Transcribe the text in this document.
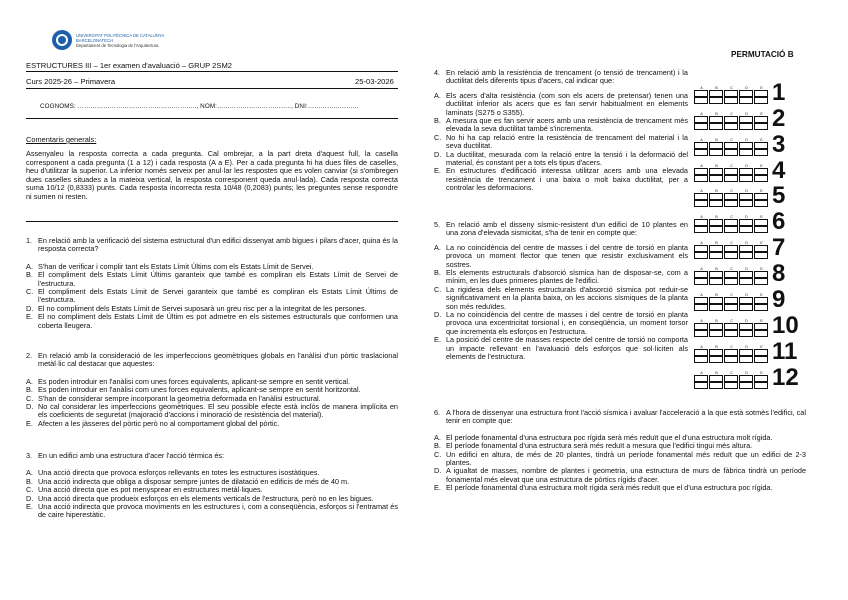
UNIVERSITAT POLITÈCNICA DE CATALUNYA
BARCELONATECH
Departament de Tecnologia de l'Arquitectura
PERMUTACIÓ B
ESTRUCTURES III – 1er examen d'avaluació – GRUP 2SM2
Curs 2025-26 – Primavera	25-03-2026
COGNOMS: ……………………………………………….., NOM:…………………………….., DNI:……………………
Comentaris generals:
Assenyaleu la resposta correcta a cada pregunta. Cal ombrejar, a la part dreta d'aquest full, la casella corresponent a cada pregunta (1 a 12) i cada resposta (A a E). Per a cada pregunta hi ha dues files de caselles, heu d'utilitzar la superior. La inferior només serveix per anul·lar les respostes que es volen canviar (si s'ombregen dues caselles situades a la mateixa vertical, la resposta corresponent queda anul·lada). Cada resposta correcta suma 10/12 (0,8333) punts. Cada resposta incorrecta resta 10/48 (0,2083) punts; les preguntes sense respondre ni sumen ni resten.
1. En relació amb la verificació del sistema estructural d'un edifici dissenyat amb bigues i pilars d'acer, quina és la resposta correcta?
A. S'han de verificar i complir tant els Estats Límit Últims com els Estats Límit de Servei.
B. El compliment dels Estats Límit Últims garanteix que també es compliran els Estats Límit de Servei de l'estructura.
C. El compliment dels Estats Límit de Servei garanteix que també es compliran els Estats Límit Últims de l'estructura.
D. El no compliment dels Estats Límit de Servei suposarà un greu risc per a la integritat de les persones.
E. El no compliment dels Estats Límit de Últim es pot admetre en els sistemes estructurals que conformen una coberta lleugera.
2. En relació amb la consideració de les imperfeccions geomètriques globals en l'anàlisi d'un pòrtic traslacional metàl·lic cal destacar que aquestes:
A. Es poden introduir en l'anàlisi com unes forces equivalents, aplicant-se sempre en sentit vertical.
B. Es poden introduir en l'anàlisi com unes forces equivalents, aplicant-se sempre en sentit horitzontal.
C. S'han de considerar sempre incorporant la geometria deformada en l'anàlisi estructural.
D. No cal considerar les imperfeccions geomètriques. El seu possible efecte està inclòs de manera implícita en els coeficients de seguretat (majoració d'accions i minoració de resistència del material).
E. Afecten a les jàsseres del pòrtic però no al comportament global del pòrtic.
3. En un edifici amb una estructura d'acer l'acció tèrmica és:
A. Una acció directa que provoca esforços rellevants en totes les estructures isostàtiques.
B. Una acció indirecta que obliga a disposar sempre juntes de dilatació en edificis de més de 40 m.
C. Una acció directa que es pot menysprear en estructures metàl·liques.
D. Una acció directa que produeix esforços en els elements verticals de l'estructura, però no en les bigues.
E. Una acció indirecta que provoca moviments en les estructures i, com a conseqüència, esforços si l'entramat és de caire hiperestàtic.
4. En relació amb la resistència de trencament (o tensió de trencament) i la ductilitat dels diferents tipus d'acers, cal indicar que:
A. Els acers d'alta resistència (com son els acers de pretensar) tenen una ductilitat inferior als acers que es fan servir habitualment en elements laminats (S275 o S355).
B. A mesura que es fan servir acers amb una resistència de trencament més elevada la seva ductilitat també s'incrementa.
C. No hi ha cap relació entre la resistència de trencament del material i la seva ductilitat.
D. La ductilitat, mesurada com la relació entre la tensió i la deformació del material, és constant per a tots els tipus d'acers.
E. En estructures d'edificació interessa utilitzar acers amb una elevada resistència de trencament i una baixa o molt baixa ductilitat, per a controlar les deformacions.
5. En relació amb el disseny sísmic-resistent d'un edifici de 10 plantes en una zona d'elevada sismicitat, s'ha de tenir en compte que:
A. La no coincidència del centre de masses i del centre de torsió en planta provoca un moment flector que tenen que resistir exclusivament els sostres.
B. Els elements estructurals d'absorció sísmica han de disposar-se, com a mínim, en les dues primeres plantes de l'edifici.
C. La rigidesa dels elements estructurals d'absorció sísmica pot reduir-se significativament en la planta baixa, on les accions sísmiques de la planta son més reduïdes.
D. La no coincidència del centre de masses i del centre de torsió en planta provoca una excentricitat torsional i, en conseqüència, un moment torsor que incrementa els esforços en l'estructura.
E. La posició del centre de masses respecte del centre de torsió no comporta un impacte rellevant en l'avaluació dels esforços que sol·liciten als elements de l'estructura.
6. A l'hora de dissenyar una estructura front l'acció sísmica i avaluar l'acceleració a la que està sotmès l'edifici, cal tenir en compte que:
A. El període fonamental d'una estructura poc rígida serà més reduït que el d'una estructura molt rígida.
B. El període fonamental d'una estructura serà més reduït a mesura que l'edifici tingui més altura.
C. Un edifici en altura, de més de 20 plantes, tindrà un període fonamental més reduït que un edifici de 2-3 plantes.
D. A igualtat de masses, nombre de plantes i geometria, una estructura de murs de fàbrica tindrà un període fonamental més elevat que una estructura de pòrtics rígids d'acer.
E. El període fonamental d'una estructura molt rígida serà més reduït que el d'una estructura poc rígida.
A	B	C	D	E 1
A	B	C	D	E 2
A	B	C	D	E 3
A	B	C	D	E 4
A	B	C	D	E 5
A	B	C	D	E 6
A	B	C	D	E 7
A	B	C	D	E 8
A	B	C	D	E 9
A	B	C	D	E 10
A	B	C	D	E 11
A	B	C	D	E 12
